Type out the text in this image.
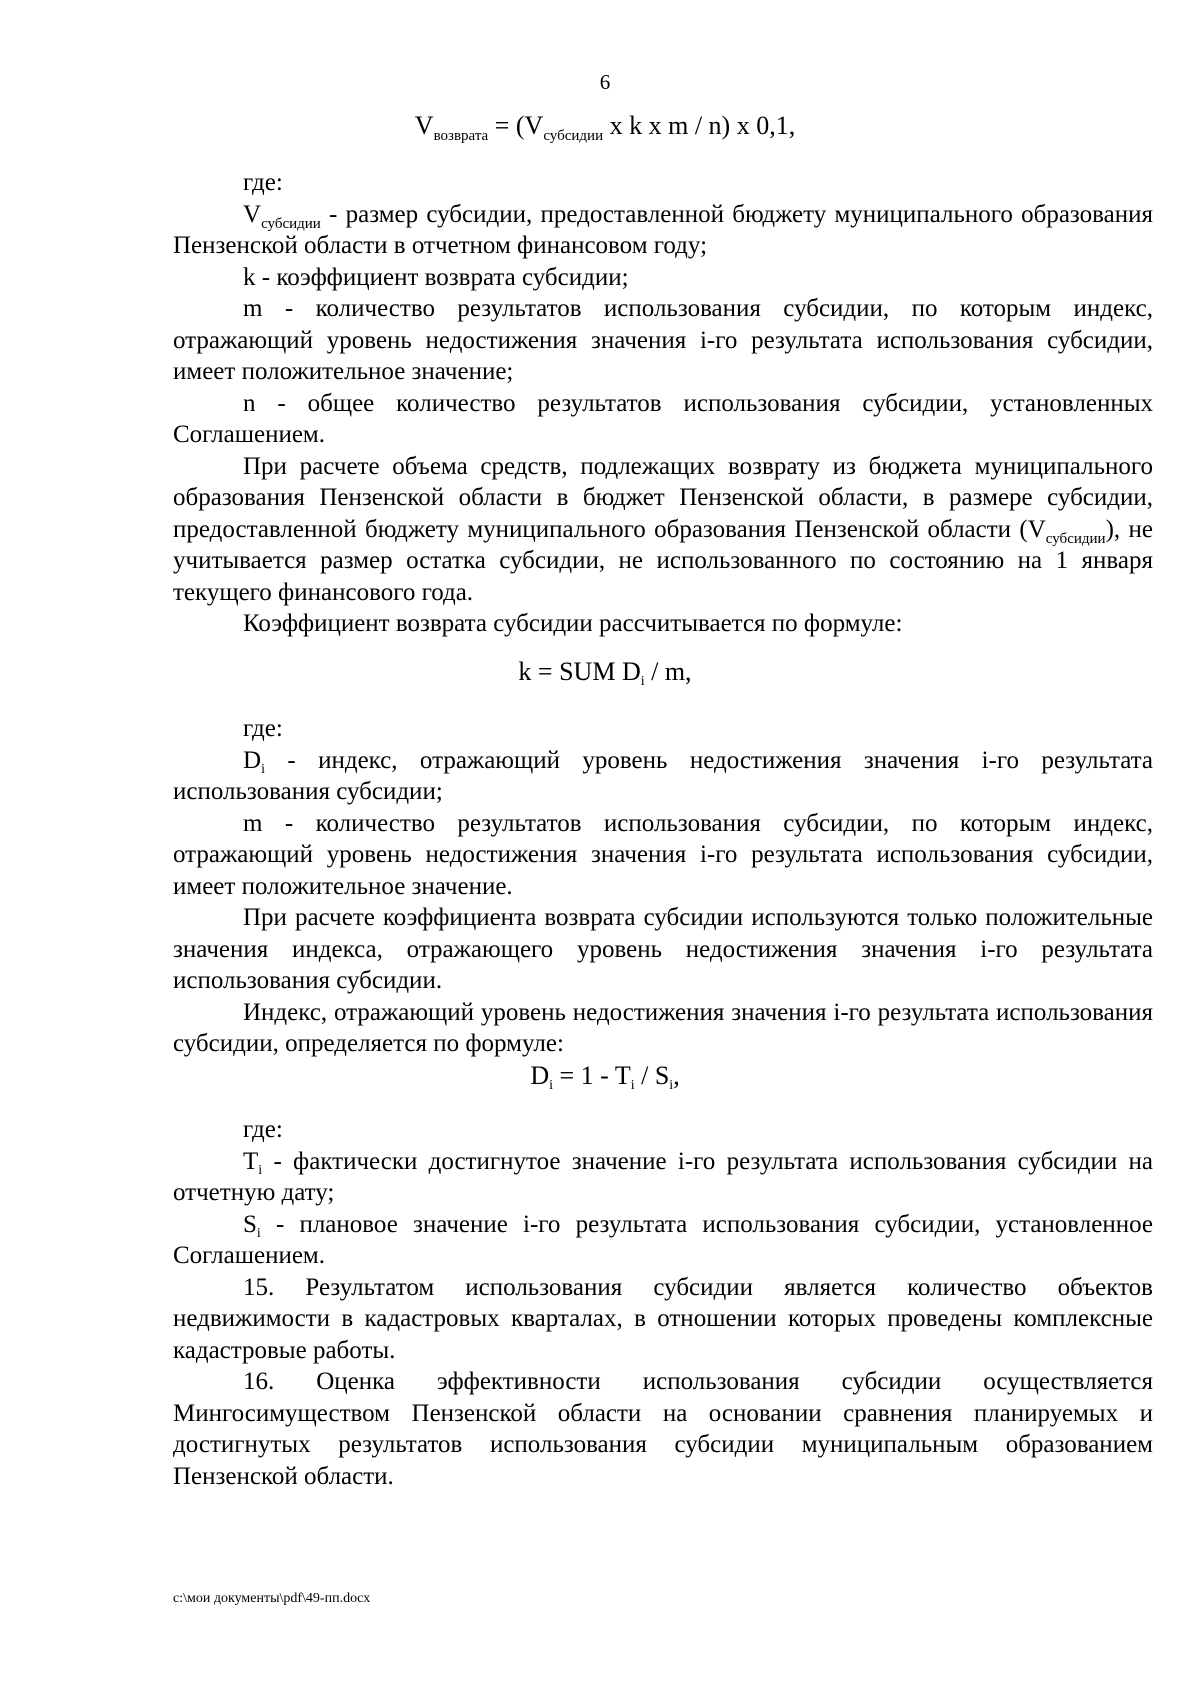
6
$V_{возврата} = (V_{субсидии}$ x k x m / n) x 0,1,

где:

$V_{субсидии}$ - размер субсидии, предоставленной бюджету муниципального образования Пензенской области в отчетном финансовом году;

k - коэффициент возврата субсидии;

m - количество результатов использования субсидии, по которым индекс, отражающий уровень недостижения значения i-го результата использования субсидии, имеет положительное значение;

n - общее количество результатов использования субсидии, установленных Соглашением.

При расчете объема средств, подлежащих возврату из бюджета муниципального образования Пензенской области в бюджет Пензенской области, в размере субсидии, предоставленной бюджету муниципального образования Пензенской области $(V_{субсидии})$, не учитывается размер остатка субсидии, не использованного по состоянию на 1 января текущего финансового года.

Коэффициент возврата субсидии рассчитывается по формуле:

k = SUM Di / m,

где:

$D_i$ - индекс, отражающий уровень недостижения значения i-го результата использования субсидии;

m - количество результатов использования субсидии, по которым индекс, отражающий уровень недостижения значения i-го результата использования субсидии, имеет положительное значение.

При расчете коэффициента возврата субсидии используются только положительные значения индекса, отражающего уровень недостижения значения i-го результата использования субсидии.

Индекс, отражающий уровень недостижения значения i-го результата использования субсидии, определяется по формуле:

Di = 1 - Ti / Si,

где:

$T_i$ - фактически достигнутое значение i-го результата использования субсидии на отчетную дату;

$S_i$ - плановое значение i-го результата использования субсидии, установленное Соглашением.

15. Результатом использования субсидии является количество объектов недвижимости в кадастровых кварталах, в отношении которых проведены комплексные кадастровые работы.

16. Оценка эффективности использования субсидии осуществляется Мингосимуществом Пензенской области на основании сравнения планируемых и достигнутых результатов использования субсидии муниципальным образованием Пензенской области.

c:\мои документы\pdf\49-пп.docx
